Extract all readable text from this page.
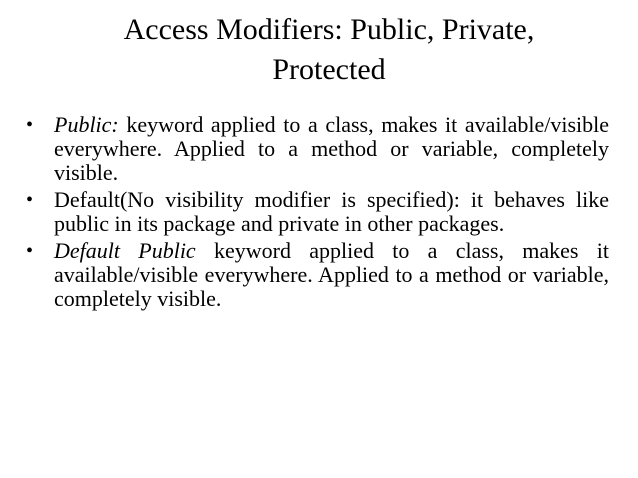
Access Modifiers: Public, Private,
Protected
• Public: keyword applied to a class, makes it available/visible everywhere. Applied to a method or variable, completely visible.
• Default(No visibility modifier is specified): it behaves like public in its package and private in other packages.
• Default Public keyword applied to a class, makes it available/visible everywhere. Applied to a method or variable, completely visible.
